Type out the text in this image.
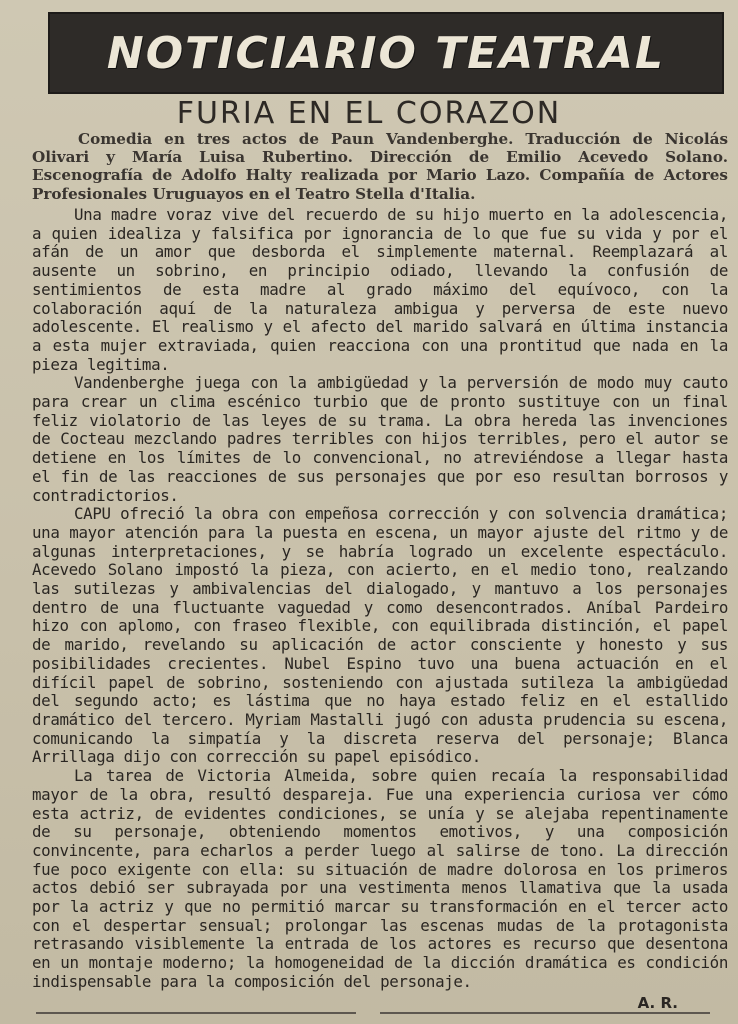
NOTICIARIO TEATRAL
FURIA EN EL CORAZON
Comedia en tres actos de Paun Vandenberghe. Traducción de Nicolás Olivari y María Luisa Rubertino. Dirección de Emilio Acevedo Solano. Escenografía de Adolfo Halty realizada por Mario Lazo. Compañía de Actores Profesionales Uruguayos en el Teatro Stella d'Italia.

Una madre voraz vive del recuerdo de su hijo muerto en la adolescencia, a quien idealiza y falsifica por ignorancia de lo que fue su vida y por el afán de un amor que desborda el simplemente maternal. Reemplazará al ausente un sobrino, en principio odiado, llevando la confusión de sentimientos de esta madre al grado máximo del equívoco, con la colaboración aquí de la naturaleza ambigua y perversa de este nuevo adolescente. El realismo y el afecto del marido salvará en última instancia a esta mujer extraviada, quien reacciona con una prontitud que nada en la pieza legitima.

Vandenberghe juega con la ambigüedad y la perversión de modo muy cauto para crear un clima escénico turbio que de pronto sustituye con un final feliz violatorio de las leyes de su trama. La obra hereda las invenciones de Cocteau mezclando padres terribles con hijos terribles, pero el autor se detiene en los límites de lo convencional, no atreviéndose a llegar hasta el fin de las reacciones de sus personajes que por eso resultan borrosos y contradictorios.

CAPU ofreció la obra con empeñosa corrección y con solvencia dramática; una mayor atención para la puesta en escena, un mayor ajuste del ritmo y de algunas interpretaciones, y se habría logrado un excelente espectáculo. Acevedo Solano impostó la pieza, con acierto, en el medio tono, realzando las sutilezas y ambivalencias del dialogado, y mantuvo a los personajes dentro de una fluctuante vaguedad y como desencontrados. Aníbal Pardeiro hizo con aplomo, con fraseo flexible, con equilibrada distinción, el papel de marido, revelando su aplicación de actor consciente y honesto y sus posibilidades crecientes. Nubel Espino tuvo una buena actuación en el difícil papel de sobrino, sosteniendo con ajustada sutileza la ambigüedad del segundo acto; es lástima que no haya estado feliz en el estallido dramático del tercero. Myriam Mastalli jugó con adusta prudencia su escena, comunicando la simpatía y la discreta reserva del personaje; Blanca Arrillaga dijo con corrección su papel episódico.

La tarea de Victoria Almeida, sobre quien recaía la responsabilidad mayor de la obra, resultó despareja. Fue una experiencia curiosa ver cómo esta actriz, de evidentes condiciones, se unía y se alejaba repentinamente de su personaje, obteniendo momentos emotivos, y una composición convincente, para echarlos a perder luego al salirse de tono. La dirección fue poco exigente con ella: su situación de madre dolorosa en los primeros actos debió ser subrayada por una vestimenta menos llamativa que la usada por la actriz y que no permitió marcar su transformación en el tercer acto con el despertar sensual; prolongar las escenas mudas de la protagonista retrasando visiblemente la entrada de los actores es recurso que desentona en un montaje moderno; la homogeneidad de la dicción dramática es condición indispensable para la composición del personaje.

A. R.
